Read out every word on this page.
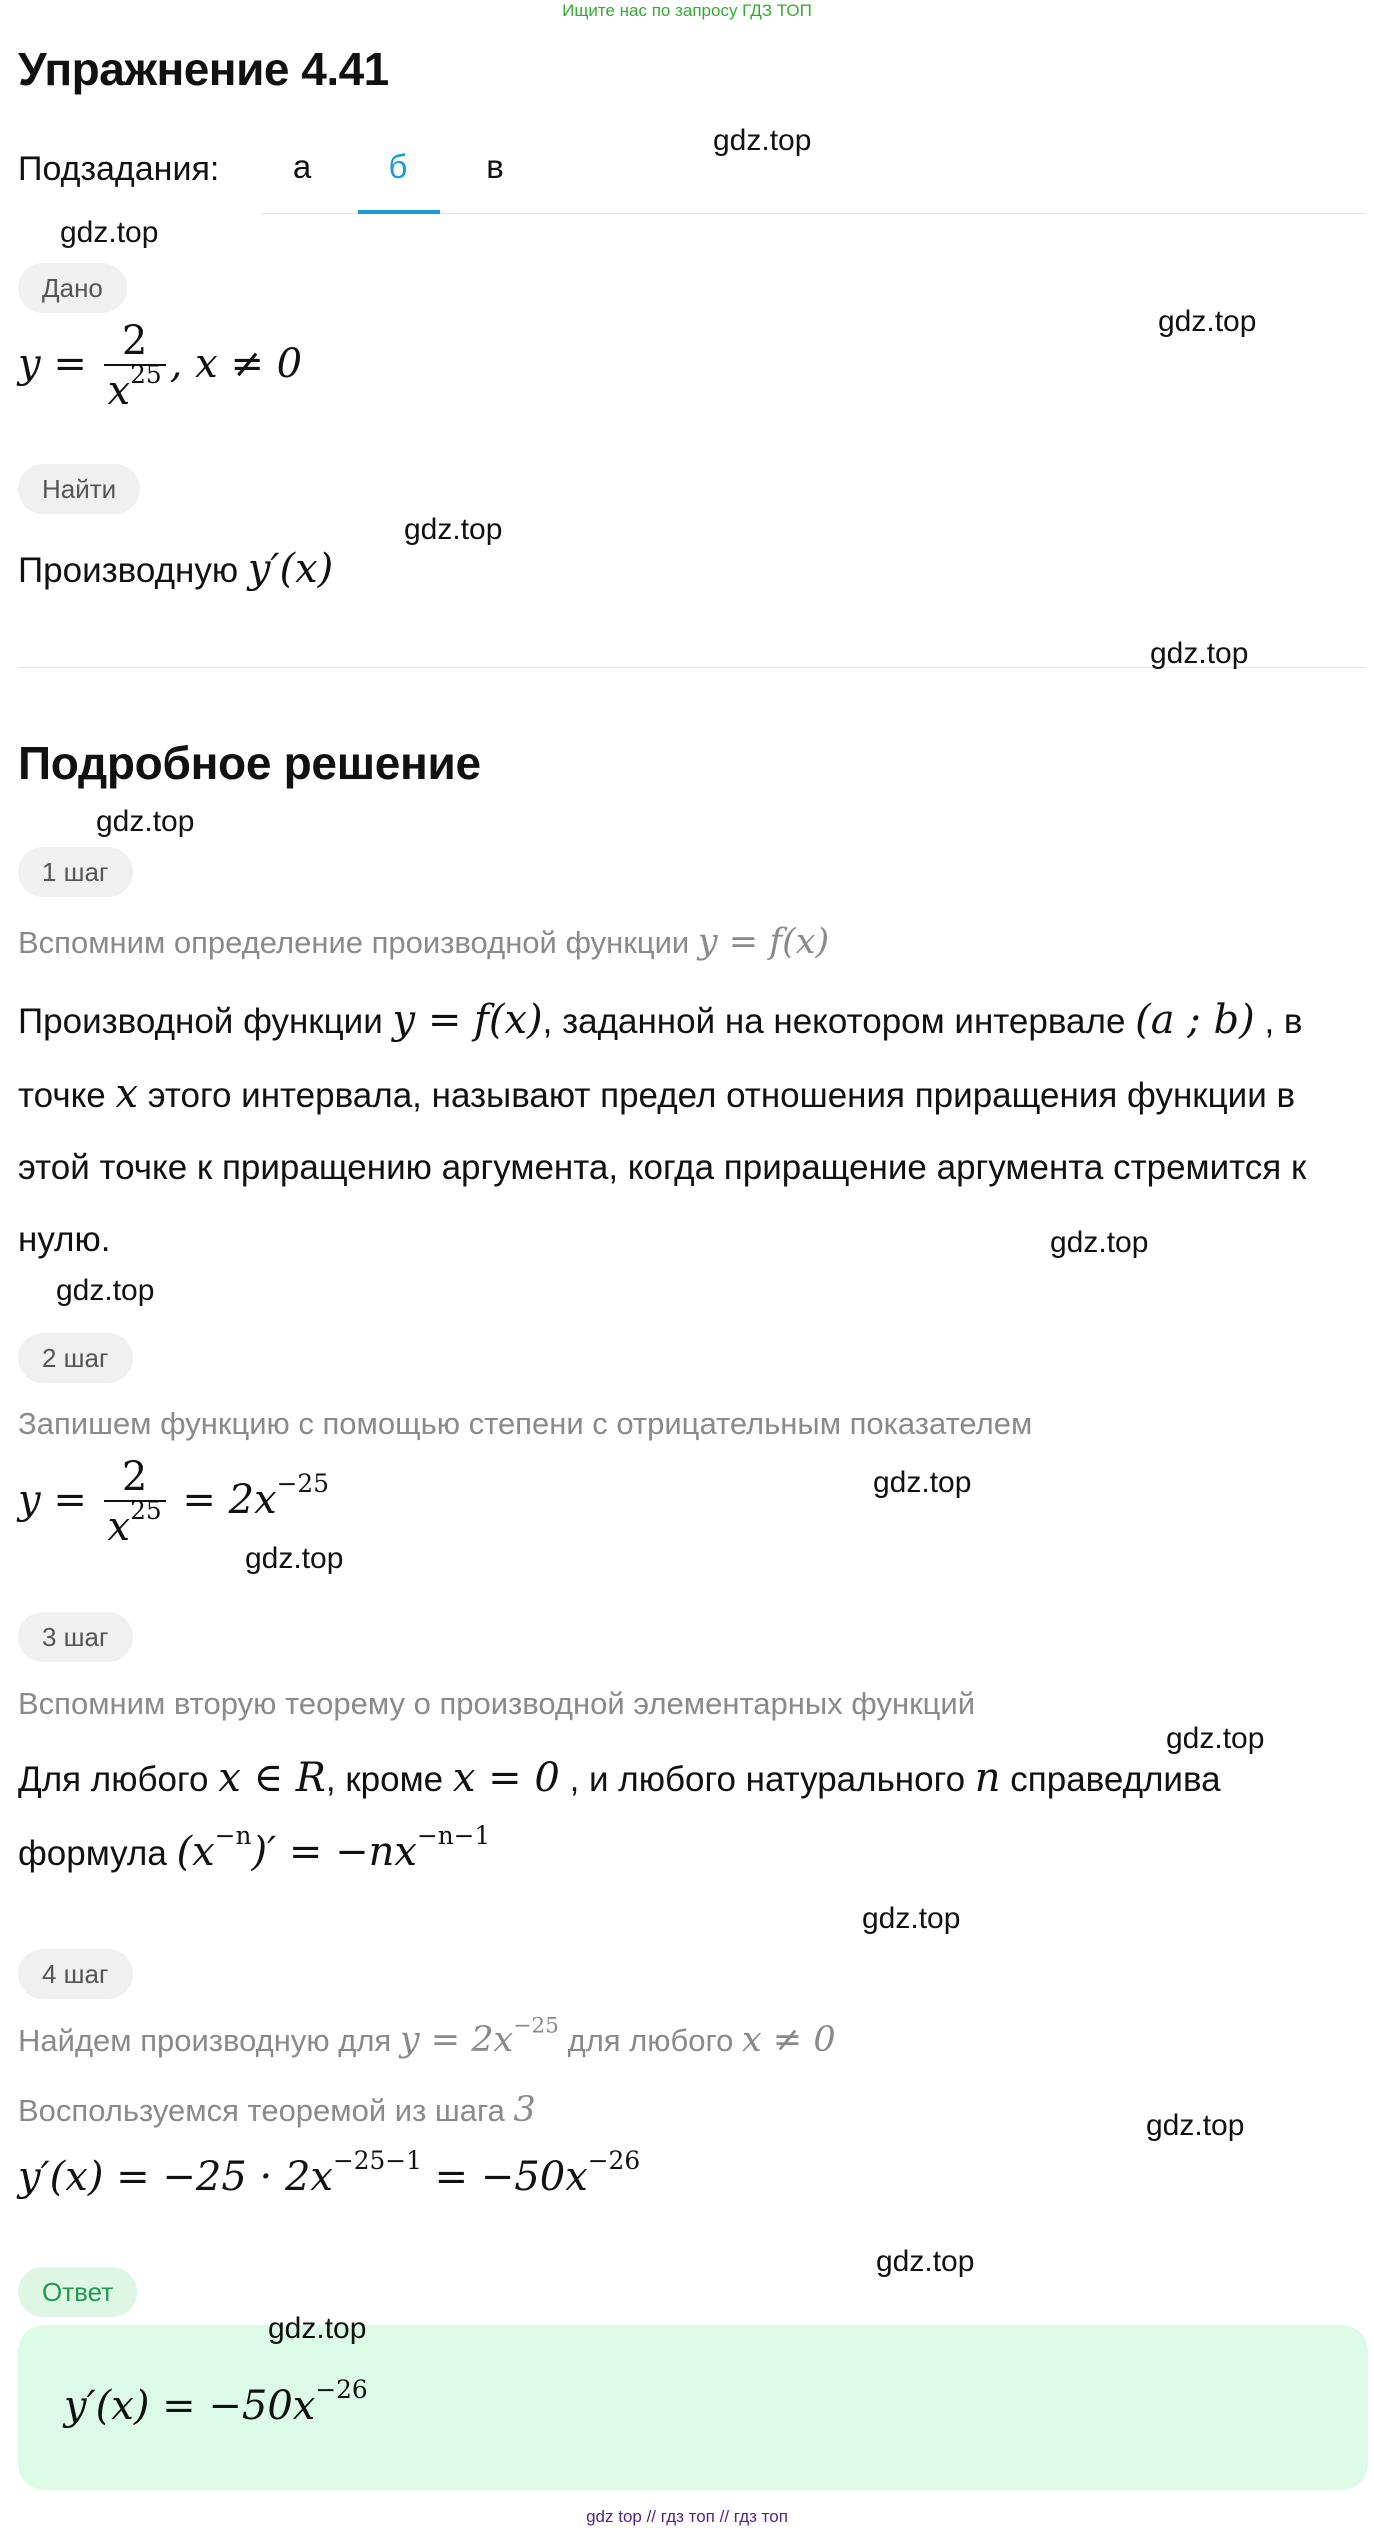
Ищите нас по запросу ГДЗ ТОП
Упражнение 4.41
Подзадания:	а	б	в
Дано
$y = \frac{2}{x^{25}}$ , x ≠ 0
Найти
Производную y′(x)
Подробное решение
1 шаг
Вспомним определение производной функции y = f(x)
Производной функции y = f(x), заданной на некотором интервале (a ; b) , в точке x этого интервала, называют предел отношения приращения функции в этой точке к приращению аргумента, когда приращение аргумента стремится к нулю.
2 шаг
Запишем функцию с помощью степени с отрицательным показателем
$y = \frac{2}{x^{25}} = 2x^{-25}$
3 шаг
Вспомним вторую теорему о производной элементарных функций
Для любого x ∈ R, кроме x = 0 , и любого натурального n справедлива формула $(x^{-n})' = -nx^{-n-1}$
4 шаг
Найдем производную для $y = 2x^{-25}$ для любого x ≠ 0
Воспользуемся теоремой из шага 3
$y'(x) = -25 \cdot 2x^{-25-1} = -50x^{-26}$
Ответ
$y'(x) = -50x^{-26}$
gdz.top
gdz.top
gdz.top
gdz.top
gdz.top
gdz.top
gdz.top
gdz.top
gdz.top
gdz.top
gdz.top
gdz.top
gdz.top
gdz.top
gdz.top
gdz top // гдз топ // гдз топ
